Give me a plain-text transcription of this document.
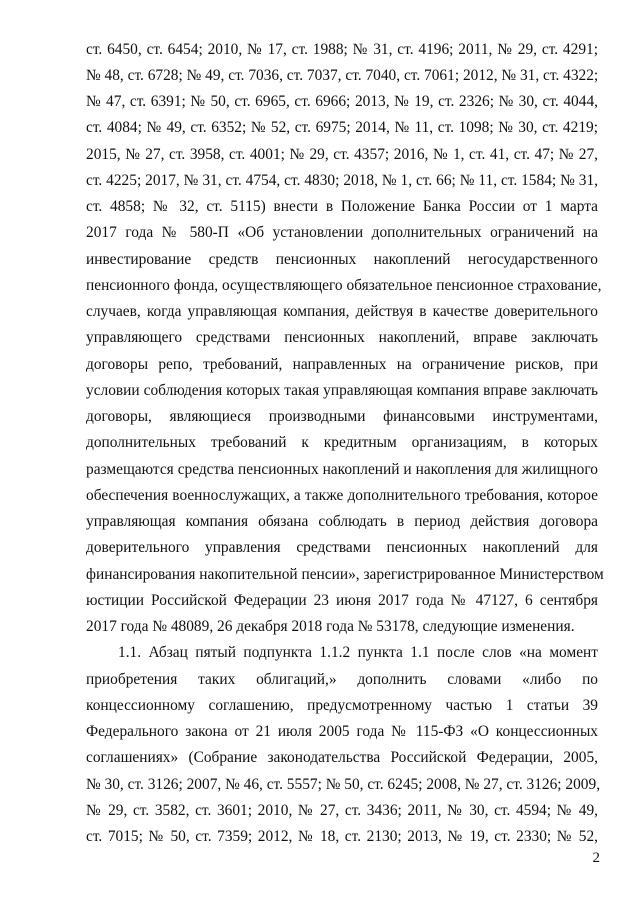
ст. 6450, ст. 6454; 2010, № 17, ст. 1988; № 31, ст. 4196; 2011, № 29, ст. 4291;

№ 48, ст. 6728; № 49, ст. 7036, ст. 7037, ст. 7040, ст. 7061; 2012, № 31, ст. 4322;

№ 47, ст. 6391; № 50, ст. 6965, ст. 6966; 2013, № 19, ст. 2326; № 30, ст. 4044,

ст. 4084; № 49, ст. 6352; № 52, ст. 6975; 2014, № 11, ст. 1098; № 30, ст. 4219;

2015, № 27, ст. 3958, ст. 4001; № 29, ст. 4357; 2016, № 1, ст. 41, ст. 47; № 27,

ст. 4225; 2017, № 31, ст. 4754, ст. 4830; 2018, № 1, ст. 66; № 11, ст. 1584; № 31,

ст. 4858; № 32, ст. 5115) внести в Положение Банка России от 1 марта

2017 года № 580-П «Об установлении дополнительных ограничений на

инвестирование средств пенсионных накоплений негосударственного

пенсионного фонда, осуществляющего обязательное пенсионное страхование,

случаев, когда управляющая компания, действуя в качестве доверительного

управляющего средствами пенсионных накоплений, вправе заключать

договоры репо, требований, направленных на ограничение рисков, при

условии соблюдения которых такая управляющая компания вправе заключать

договоры, являющиеся производными финансовыми инструментами,

дополнительных требований к кредитным организациям, в которых

размещаются средства пенсионных накоплений и накопления для жилищного

обеспечения военнослужащих, а также дополнительного требования, которое

управляющая компания обязана соблюдать в период действия договора

доверительного управления средствами пенсионных накоплений для

финансирования накопительной пенсии», зарегистрированное Министерством

юстиции Российской Федерации 23 июня 2017 года № 47127, 6 сентября

2017 года № 48089, 26 декабря 2018 года № 53178, следующие изменения.

1.1. Абзац пятый подпункта 1.1.2 пункта 1.1 после слов «на момент

приобретения таких облигаций,» дополнить словами «либо по

концессионному соглашению, предусмотренному частью 1 статьи 39

Федерального закона от 21 июля 2005 года № 115-ФЗ «О концессионных

соглашениях» (Собрание законодательства Российской Федерации, 2005,

№ 30, ст. 3126; 2007, № 46, ст. 5557; № 50, ст. 6245; 2008, № 27, ст. 3126; 2009,

№ 29, ст. 3582, ст. 3601; 2010, № 27, ст. 3436; 2011, № 30, ст. 4594; № 49,

ст. 7015; № 50, ст. 7359; 2012, № 18, ст. 2130; 2013, № 19, ст. 2330; № 52,

2
